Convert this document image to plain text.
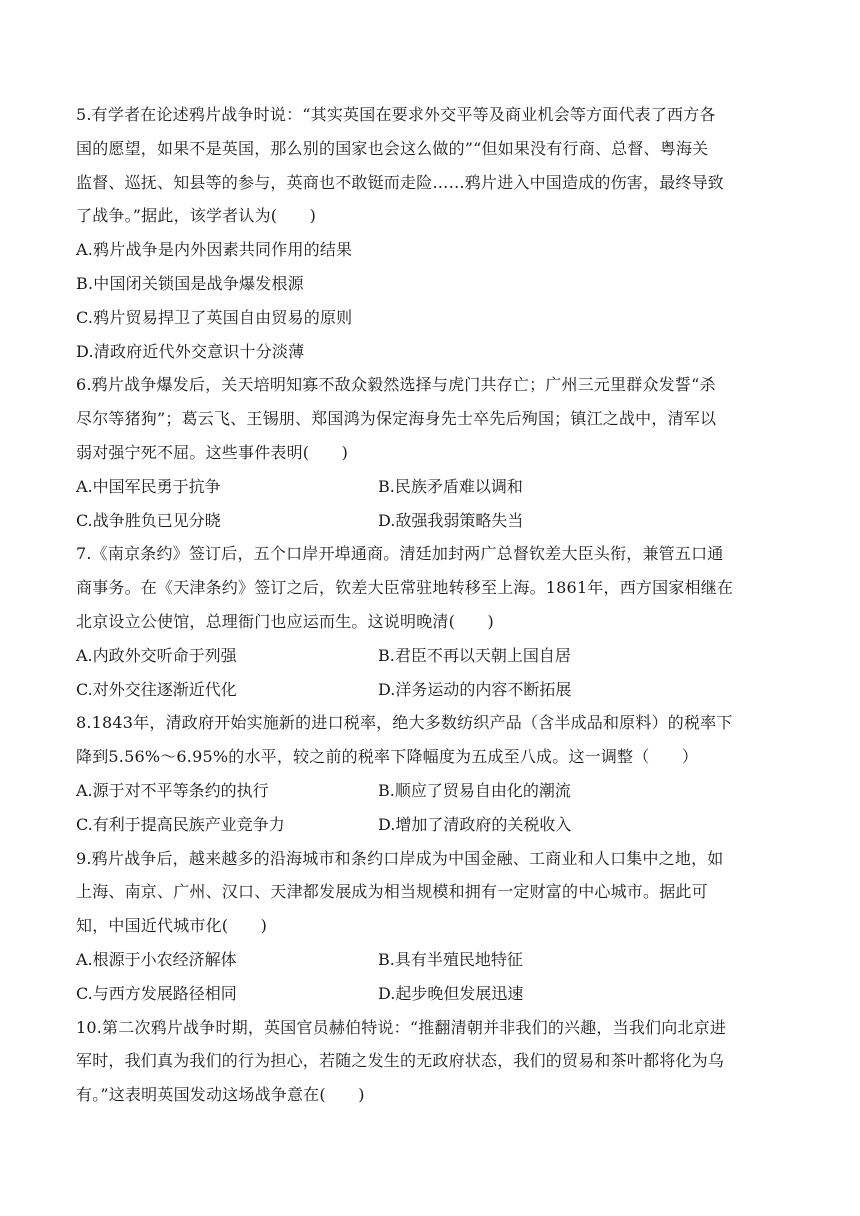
5.有学者在论述鸦片战争时说：“其实英国在要求外交平等及商业机会等方面代表了西方各
国的愿望，如果不是英国，那么别的国家也会这么做的”“但如果没有行商、总督、粤海关
监督、巡抚、知县等的参与，英商也不敢铤而走险……鸦片进入中国造成的伤害，最终导致
了战争。”据此，该学者认为(　　)
A.鸦片战争是内外因素共同作用的结果
B.中国闭关锁国是战争爆发根源
C.鸦片贸易捍卫了英国自由贸易的原则
D.清政府近代外交意识十分淡薄
6.鸦片战争爆发后，关天培明知寡不敌众毅然选择与虎门共存亡；广州三元里群众发誓“杀
尽尔等猪狗”；葛云飞、王锡朋、郑国鸿为保定海身先士卒先后殉国；镇江之战中，清军以
弱对强宁死不屈。这些事件表明(　　)
A.中国军民勇于抗争	B.民族矛盾难以调和
C.战争胜负已见分晓	D.敌强我弱策略失当
7.《南京条约》签订后，五个口岸开埠通商。清廷加封两广总督钦差大臣头衔，兼管五口通
商事务。在《天津条约》签订之后，钦差大臣常驻地转移至上海。1861年，西方国家相继在
北京设立公使馆，总理衙门也应运而生。这说明晚清(　　)
A.内政外交听命于列强	B.君臣不再以天朝上国自居
C.对外交往逐渐近代化	D.洋务运动的内容不断拓展
8.1843年，清政府开始实施新的进口税率，绝大多数纺织产品（含半成品和原料）的税率下
降到5.56%～6.95%的水平，较之前的税率下降幅度为五成至八成。这一调整（　　）
A.源于对不平等条约的执行	B.顺应了贸易自由化的潮流
C.有利于提高民族产业竞争力	D.增加了清政府的关税收入
9.鸦片战争后，越来越多的沿海城市和条约口岸成为中国金融、工商业和人口集中之地，如
上海、南京、广州、汉口、天津都发展成为相当规模和拥有一定财富的中心城市。据此可
知，中国近代城市化(　　)
A.根源于小农经济解体	B.具有半殖民地特征
C.与西方发展路径相同	D.起步晚但发展迅速
10.第二次鸦片战争时期，英国官员赫伯特说：“推翻清朝并非我们的兴趣，当我们向北京进
军时，我们真为我们的行为担心，若随之发生的无政府状态，我们的贸易和茶叶都将化为乌
有。”这表明英国发动这场战争意在(　　)
